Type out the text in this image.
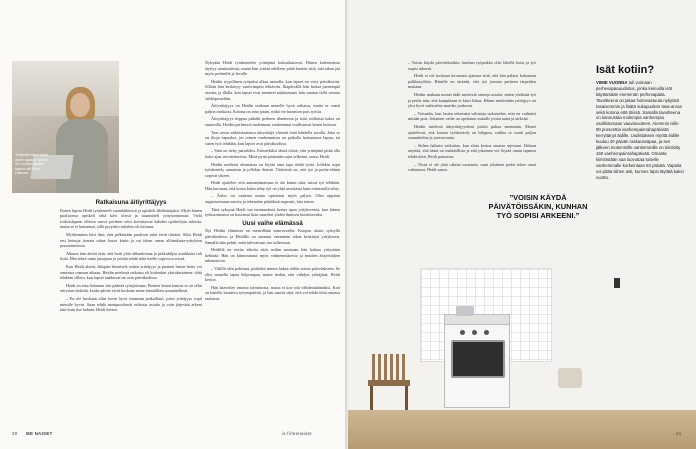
”Keskittymiseni tulee usein rajaksi”, sanoo 34-vuotias kahden lapsen äiti Heidi Halonen.
Ratkaisuna äitiyrittäjyys

Ennen lapsia Heidi työskenteli vaatekitkiossä ja opiskeli lähihoitajaksi. Myös hänen puolisonsa opiskeli sekä kävi töissä ja suunnitteli yritystoimintaa. Vielä esikoislapsen ollessa vauva perheen talot kovastaivat kahden opiskelijan tuloista, mutta se ei haitannut, sillä pysyttiin tuloihin oli tottunut.

Myöhemmin kävi ilmi, että pelkästään puolison tulot eivät riittäisi. Siksi Heidi etsi keinoja tienata rahaa kotoa käsin ja sai idean oman alihankinta-yrityksen perustamisesta.

Alkuun hän aloitti niin, että hoiti yhtä alihankintaa ja pikkuhiljaa asiakkaita tuli lisää. Hän tekee omia juttujaan ja yrittää tehdä töitä itselle sopivissa erissä.

Kun Heidi aloitti, lähipiiri ihmetteli, miten yrittäjyys ja pienten lasten hoito voi onnistua samaan aikaan. Heidin mielestä ratkaisu oli kuitenkin yksinkertainen: töitä tehdään silloin, kun lapset nukkuvat tai ovat päiväkodissa.

Heidi on aina halunnut itse päättää työajoistaan. Pienten lasten kanssa se on ollut erityisen tärkeää, koska päivät eivät koskaan mene täsmälleen suunnitellusti.

– En ole koskaan ollut kovin hyvä istumaan paikoillani, joten yrittäjyys sopii minulle hyvin. Saan tehdä monipuolisesti erilaisia asioita ja voin järjestää arkeni niin kuin itse haluan, Heidi kertoo.

Nykyään Heidi työskentelee yrittäjänä kokoaikaisesti. Hänen kalenterinsa täyttyy asiakastöistä, mutta hän yrittää edelleen pitää huolen siitä, että aikaa jää myös perheelle ja levolle.

Heidin tyypillinen työpäivä alkaa aamulla, kun lapset on viety päiväkotiin. Silloin hän keskittyy vaativimpiin tehtäviin. Iltapäivällä hän hoitaa pienempiä asioita, ja illalla, kun lapset ovat menneet nukkumaan, hän saattaa vielä vastata sähköposteihin.

Äitiyrittäjyys on Heidin mukaan monelle hyvä ratkaisu, mutta se vaatii paljon itsekuria. Kotona on aina jotain, mikä vie huomion pois työstä.

Äitiyrittäjyys riippuu pitkälti perheen tilanteesta ja siitä, millaista tukea on saatavilla. Heidin perheessä molemmat vanhemmat osallistuvat lasten hoitoon.

Taas arvon näköiskuitansa äitiyrittäjä yleensä töitä kahdella tavalla. Joko se on iltoja vapaaksi, jos toinen vanhemmista on paikalla hoitamassa lapsia, tai sitten työt tehdään, kun lapset ovat päiväkodissa.

– Sinä on tietty paradoksi. Esimerkiksi iäistä töistä, että yrittäjänä pitää olla koko ajan tavoitettavissa. Minä pyrin pitämään rajat selkeinä, sanoo Heidi.

Heidin mielestä olennaista on löytää oma tapa tehdä työtä. Jollekin sopii työskentely aamuisin ja jollekin iltaisin. Tärkeintä on, että työ ja perhe-elämä sopivat yhteen.

Heidi ajattelee, että ammattimaisuus ei ole kiinni siitä, missä työ tehdään. Hän korostaa, että kotoa käsin tehty työ on yhtä arvokasta kuin toimistolla tehty.

– Äitiys on vaatinut mutta opettanut myös paljon. Olen oppinut organisoimaan asioita ja tekemään päätöksiä nopeasti, hän toteaa.

Tänä syksynä Heidi saa ensimmäistä kertaa apua yritykseensä, kun hänen työkuormansa on kasvanut liian suureksi yhden ihmisen hoidettavaksi.

Uusi vaihe elämässä

Nyt Heidin elämässä on meneillään murrosvaihe. Kuopus aloitti syksyllä päiväkodissa, ja Heidille on auennut enemmän aikaa keskittyä yritykseen. Samalla hän pohtii, mitä tulevaisuus tuo tullessaan.

Heidillä on useita ideoita siitä, mihin suuntaan hän haluaa yritystään kehittää. Hän on kiinnostunut myös valmennuksesta ja muiden äitiyrittäjien tukemisesta.

– Välillä olen pohtinut, pitäisikö minun hakea töihin toisen palvelukseen. Se olisi monella tapaa helpompaa, mutta tiedän, että viihdyn yrittäjänä, Heidi kertoo.

Hän haaveilee omasta toimistosta, mutta ei koe sitä välttämättömäksi. Koti on hänelle luonteva työympäristö, ja hän nauttii siitä, että voi tehdä töitä omassa rauhassa.

20 ME NAISET	is.fi/menaiset

– Voisin käydä päivätöissäkin, kunhan työpaikka olisi lähellä kotia ja työ sopisi arkeeni.

Heidi ei ole koskaan kuvannut ajatusta siitä, että hän palaisi kokonaan palkkatyöhön. Hänelle on tärkeää, että työ joustaa perheen tarpeiden mukaan.

Heidin mukaan monet äidit miettivät samoja asioita: miten yhdistää työ ja perhe niin, että kumpikaan ei kärsi liikaa. Hänen mielestään yrittäjyys on yksi hyvä vaihtoehto muiden joukossa.

– Toisaalta, kun lasten tekemäni valintoja tarkastelen, niin en vaihtaisi mitään pois. Jokainen vaihe on opettanut minulle jotain uutta ja tärkeää.

Heidin mielestä äitiyrittäjyydestä pitäisi puhua enemmän. Monet ajattelevat, että kotona työskentely on helppoa, vaikka se vaatii paljon suunnittelua ja joustavuutta.

– Siihen halusin vaikuttaa, kun aloin kertoa omasta arjestani. Haluan näyttää, että tämä on mahdollista ja että jokainen voi löytää oman tapansa tehdä töitä, Heidi painottaa.

– Tässä ei ole yhtä oikeaa vastausta, vaan jokainen perhe tekee omat valintansa, Heidi sanoo.

”VOISIN KÄYDÄ PÄIVÄTÖISSÄKIN, KUNHAN TYÖ SOPISI ARKEENI.”
Isät kotiin?
VIIME VUONNA tuli voimaan perhevapaauudistus, jonka keinuilla isät käyttämään enemmän perhevapaita. Tavoitteena on jakaa hoitovastuuta nykyistä tasaisemmin ja lisätä sukupuolten tasa-arvoa sekä kotona että töissä. Samalla tavoitteena on kannustaa molempia vanhempia osallistumaan vauvavuoteen. Aiemmin isille 90 prosenttia vanhempainrahapäivistä kerryttänyt äidille. Uudistuksen myötä äidille kuuluu 40 päivän raskausvapaa, ja sen jälkeen molemmille vanhemmille on kiintiöity 160 vanhempainrahapäivää. Omasta kiintiöstään saa luovuttaa toiselle vanhemmalle korkeintaan 63 päivää. Vapaita voi pitää siihen asti, kunnes lapsi täyttää kaksi vuotta.
21
